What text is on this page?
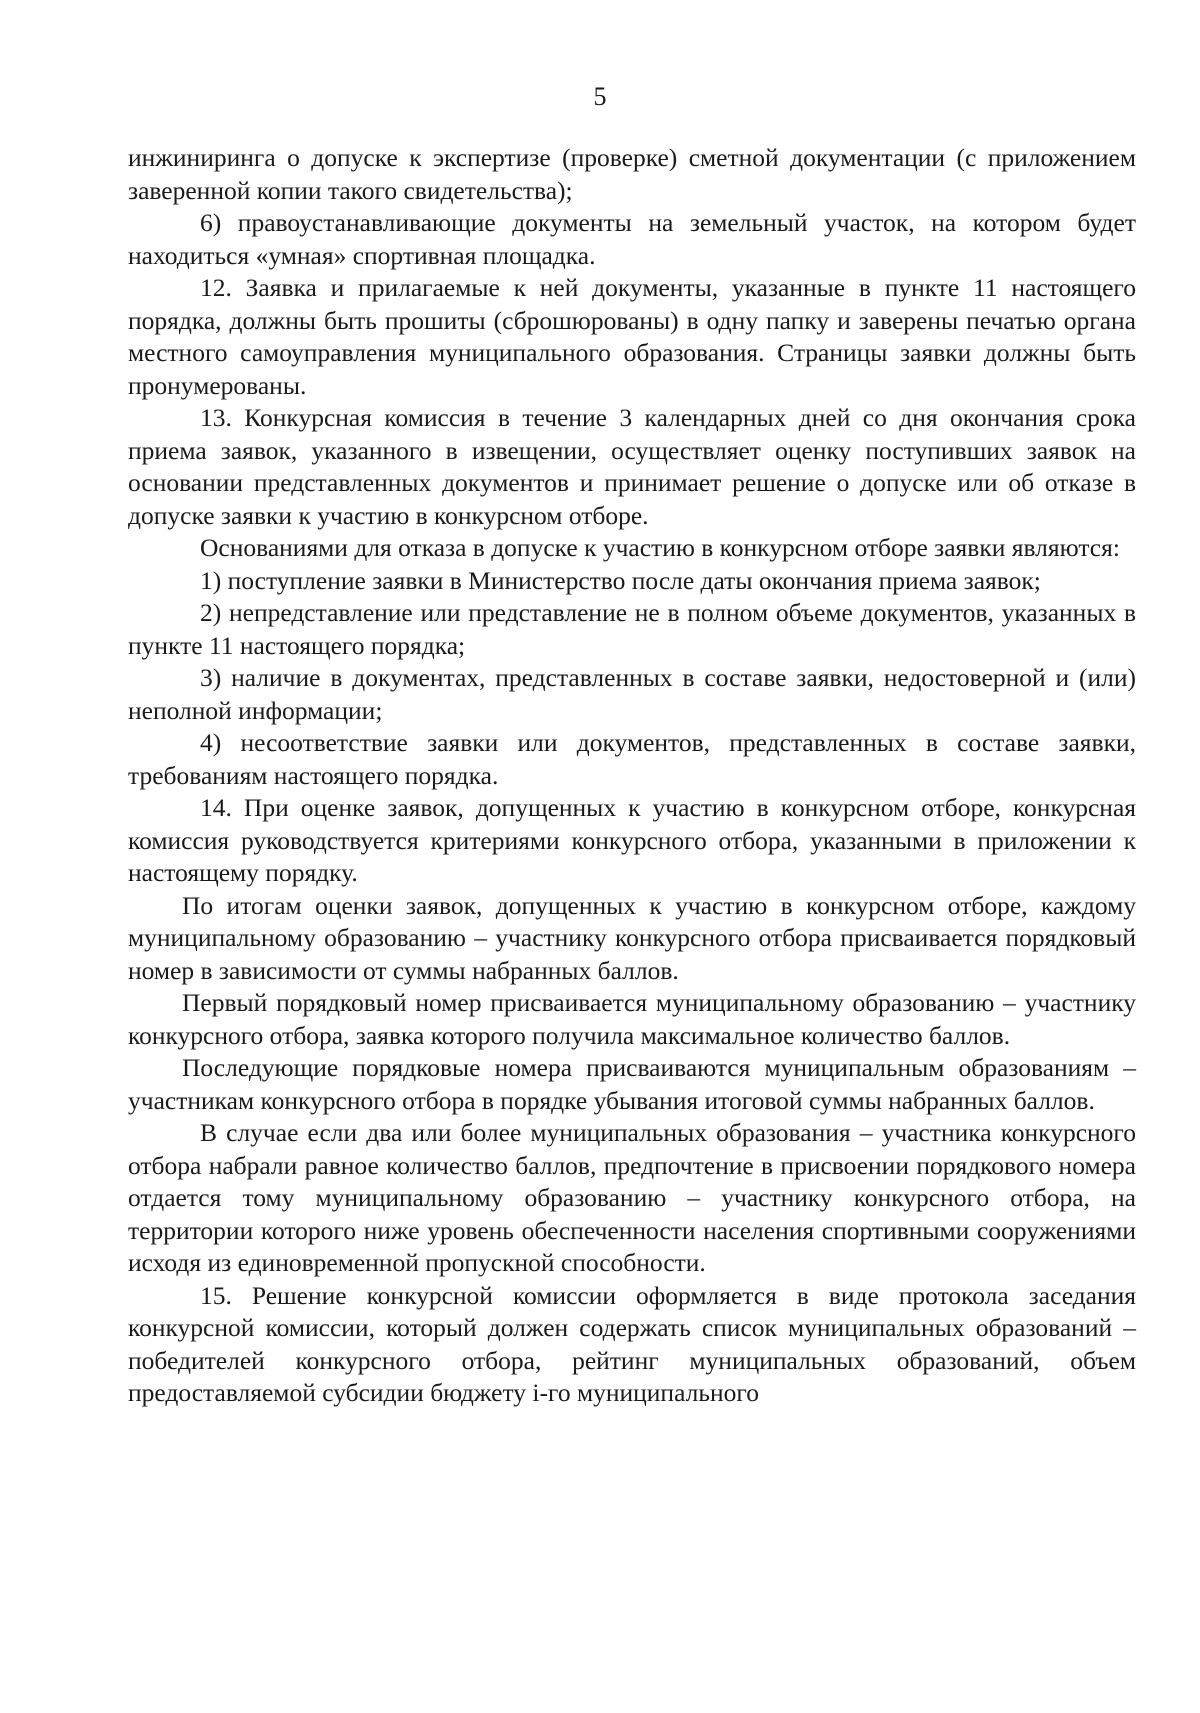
5

инжиниринга о допуске к экспертизе (проверке) сметной документации (с приложением заверенной копии такого свидетельства);

6) правоустанавливающие документы на земельный участок, на котором будет находиться «умная» спортивная площадка.

12. Заявка и прилагаемые к ней документы, указанные в пункте 11 настоящего порядка, должны быть прошиты (сброшюрованы) в одну папку и заверены печатью органа местного самоуправления муниципального образования. Страницы заявки должны быть пронумерованы.

13. Конкурсная комиссия в течение 3 календарных дней со дня окончания срока приема заявок, указанного в извещении, осуществляет оценку поступивших заявок на основании представленных документов и принимает решение о допуске или об отказе в допуске заявки к участию в конкурсном отборе.

Основаниями для отказа в допуске к участию в конкурсном отборе заявки являются:

1) поступление заявки в Министерство после даты окончания приема заявок;

2) непредставление или представление не в полном объеме документов, указанных в пункте 11 настоящего порядка;

3) наличие в документах, представленных в составе заявки, недостоверной и (или) неполной информации;

4) несоответствие заявки или документов, представленных в составе заявки, требованиям настоящего порядка.

14. При оценке заявок, допущенных к участию в конкурсном отборе, конкурсная комиссия руководствуется критериями конкурсного отбора, указанными в приложении к настоящему порядку.

По итогам оценки заявок, допущенных к участию в конкурсном отборе, каждому муниципальному образованию – участнику конкурсного отбора присваивается порядковый номер в зависимости от суммы набранных баллов.

Первый порядковый номер присваивается муниципальному образованию – участнику конкурсного отбора, заявка которого получила максимальное количество баллов.

Последующие порядковые номера присваиваются муниципальным образованиям – участникам конкурсного отбора в порядке убывания итоговой суммы набранных баллов.

В случае если два или более муниципальных образования – участника конкурсного отбора набрали равное количество баллов, предпочтение в присвоении порядкового номера отдается тому муниципальному образованию – участнику конкурсного отбора, на территории которого ниже уровень обеспеченности населения спортивными сооружениями исходя из единовременной пропускной способности.

15. Решение конкурсной комиссии оформляется в виде протокола заседания конкурсной комиссии, который должен содержать список муниципальных образований – победителей конкурсного отбора, рейтинг муниципальных образований, объем предоставляемой субсидии бюджету i-го муниципального
